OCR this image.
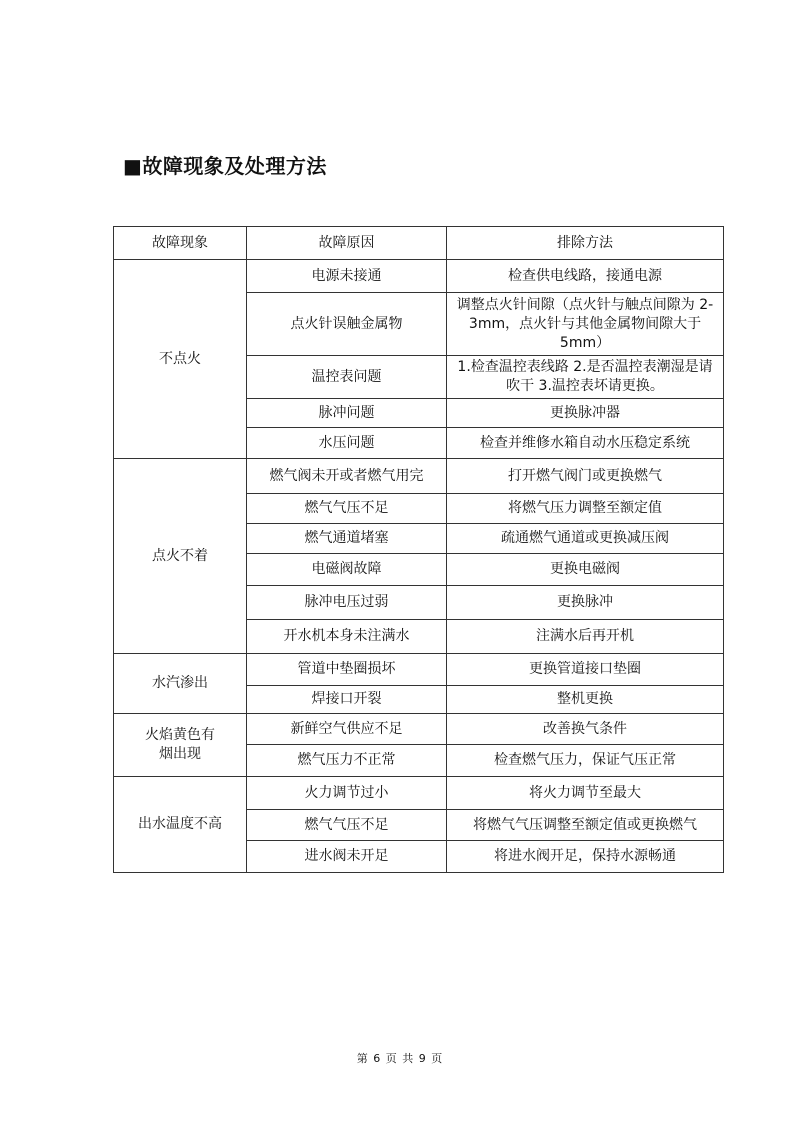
■故障现象及处理方法
故障现象	故障原因	排除方法
不点火	电源未接通	检查供电线路，接通电源
	点火针误触金属物	调整点火针间隙（点火针与触点间隙为 2-3mm，点火针与其他金属物间隙大于 5mm）
	温控表问题	1.检查温控表线路 2.是否温控表潮湿是请吹干 3.温控表坏请更换。
	脉冲问题	更换脉冲器
	水压问题	检查并维修水箱自动水压稳定系统
点火不着	燃气阀未开或者燃气用完	打开燃气阀门或更换燃气
	燃气气压不足	将燃气压力调整至额定值
	燃气通道堵塞	疏通燃气通道或更换减压阀
	电磁阀故障	更换电磁阀
	脉冲电压过弱	更换脉冲
	开水机本身未注满水	注满水后再开机
水汽渗出	管道中垫圈损坏	更换管道接口垫圈
	焊接口开裂	整机更换
火焰黄色有烟出现	新鲜空气供应不足	改善换气条件
	燃气压力不正常	检查燃气压力，保证气压正常
出水温度不高	火力调节过小	将火力调节至最大
	燃气气压不足	将燃气气压调整至额定值或更换燃气
	进水阀未开足	将进水阀开足，保持水源畅通
第 6 页 共 9 页
